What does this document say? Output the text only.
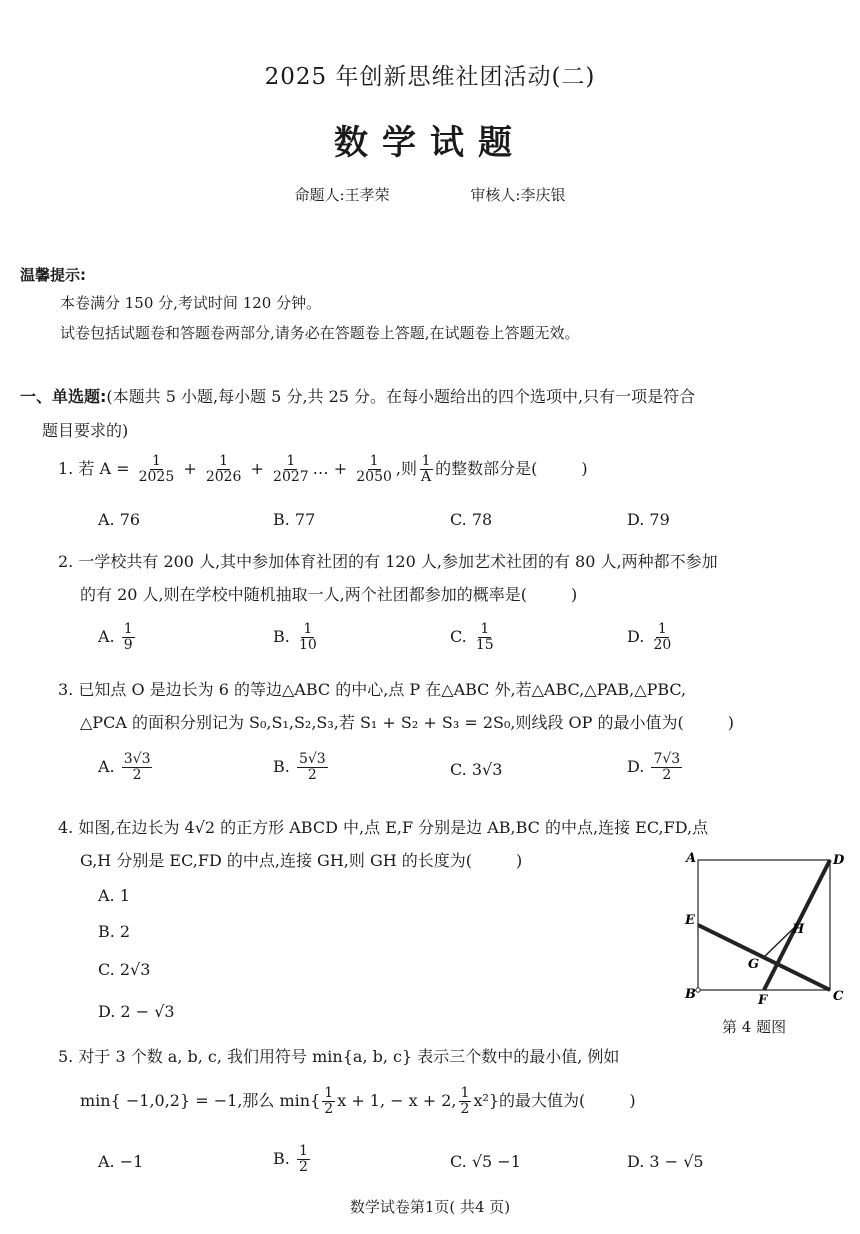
2025 年创新思维社团活动(二)
数学试题
命题人:王孝荣	审核人:李庆银
温馨提示:
本卷满分 150 分,考试时间 120 分钟。
试卷包括试题卷和答题卷两部分,请务必在答题卷上答题,在试题卷上答题无效。
一、单选题:(本题共 5 小题,每小题 5 分,共 25 分。在每小题给出的四个选项中,只有一项是符合
题目要求的)
1. 若 $A = \frac{1}{2025} + \frac{1}{2026} + \frac{1}{2027}$ … + $\frac{1}{2050}$ ,则 $\frac{1}{A}$ 的整数部分是(	)
A. 76	B. 77	C. 78	D. 79
2. 一学校共有 200 人,其中参加体育社团的有 120 人,参加艺术社团的有 80 人,两种都不参加
的有 20 人,则在学校中随机抽取一人,两个社团都参加的概率是(	)
A. $\frac{1}{9}$	B. $\frac{1}{10}$	C. $\frac{1}{15}$	D. $\frac{1}{20}$
3. 已知点 O 是边长为 6 的等边△ABC 的中心,点 P 在△ABC 外,若△ABC,△PAB,△PBC,
△PCA 的面积分别记为 S₀,S₁,S₂,S₃,若 S₁ + S₂ + S₃ = 2S₀,则线段 OP 的最小值为(	)
A. $\frac{3√3}{2}$	B. $\frac{5√3}{2}$	C. 3√3	D. $\frac{7√3}{2}$
4. 如图,在边长为 4√2 的正方形 ABCD 中,点 E,F 分别是边 AB,BC 的中点,连接 EC,FD,点
G,H 分别是 EC,FD 的中点,连接 GH,则 GH 的长度为(	)
A. 1
B. 2
C. 2√3
D. 2 − √3
A
B	C
D
E
F
G
H
第 4 题图
5. 对于 3 个数 a, b, c, 我们用符号 min{a, b, c} 表示三个数中的最小值, 例如
min{ −1,0,2} = −1,那么 $\min\{ \frac{1}{2}$ x + 1, − x + 2, $\frac{1}{2} x^2$}的最大值为(	)
A. −1	B. $\frac{1}{2}$	C. √5 −1	D. 3 − √5
数学试卷第1页( 共4 页)
